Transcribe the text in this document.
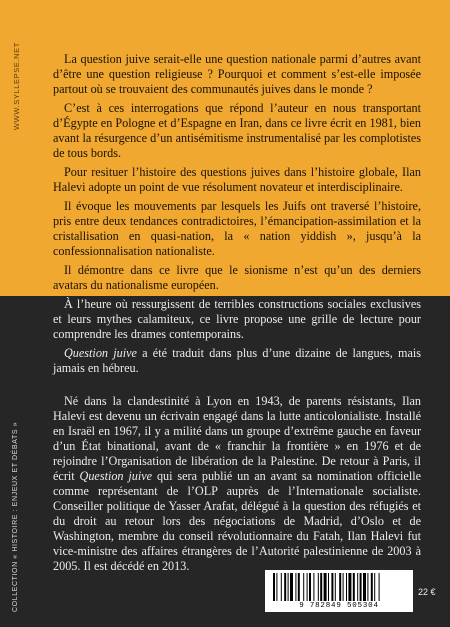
WWW.SYLLEPSE.NET
COLLECTION « HISTOIRE : ENJEUX ET DÉBATS »

La question juive serait-elle une question nationale parmi d’autres avant d’être une question religieuse ? Pourquoi et comment s’est-elle imposée partout où se trouvaient des communautés juives dans le monde ?

C’est à ces interrogations que répond l’auteur en nous transportant d’Égypte en Pologne et d’Espagne en Iran, dans ce livre écrit en 1981, bien avant la résurgence d’un antisémitisme instrumentalisé par les complotistes de tous bords.

Pour resituer l’histoire des questions juives dans l’histoire globale, Ilan Halevi adopte un point de vue résolument novateur et interdisciplinaire.

Il évoque les mouvements par lesquels les Juifs ont traversé l’histoire, pris entre deux tendances contradictoires, l’émancipation-assimilation et la cristallisation en quasi-nation, la « nation yiddish », jusqu’à la confessionnalisation nationaliste.

Il démontre dans ce livre que le sionisme n’est qu’un des derniers avatars du nationalisme européen.

À l’heure où ressurgissent de terribles constructions sociales exclusives et leurs mythes calamiteux, ce livre propose une grille de lecture pour comprendre les drames contemporains.

Question juive a été traduit dans plus d’une dizaine de langues, mais jamais en hébreu.

Né dans la clandestinité à Lyon en 1943, de parents résistants, Ilan Halevi est devenu un écrivain engagé dans la lutte anticolonialiste. Installé en Israël en 1967, il y a milité dans un groupe d’extrême gauche en faveur d’un État binational, avant de « franchir la frontière » en 1976 et de rejoindre l’Organisation de libération de la Palestine. De retour à Paris, il écrit Question juive qui sera publié un an avant sa nomination officielle comme représentant de l’OLP auprès de l’Internationale socialiste. Conseiller politique de Yasser Arafat, délégué à la question des réfugiés et du droit au retour lors des négociations de Madrid, d’Oslo et de Washington, membre du conseil révolutionnaire du Fatah, Ilan Halevi fut vice-ministre des affaires étrangères de l’Autorité palestinienne de 2003 à 2005. Il est décédé en 2013.

9 782849 505304
22 €
